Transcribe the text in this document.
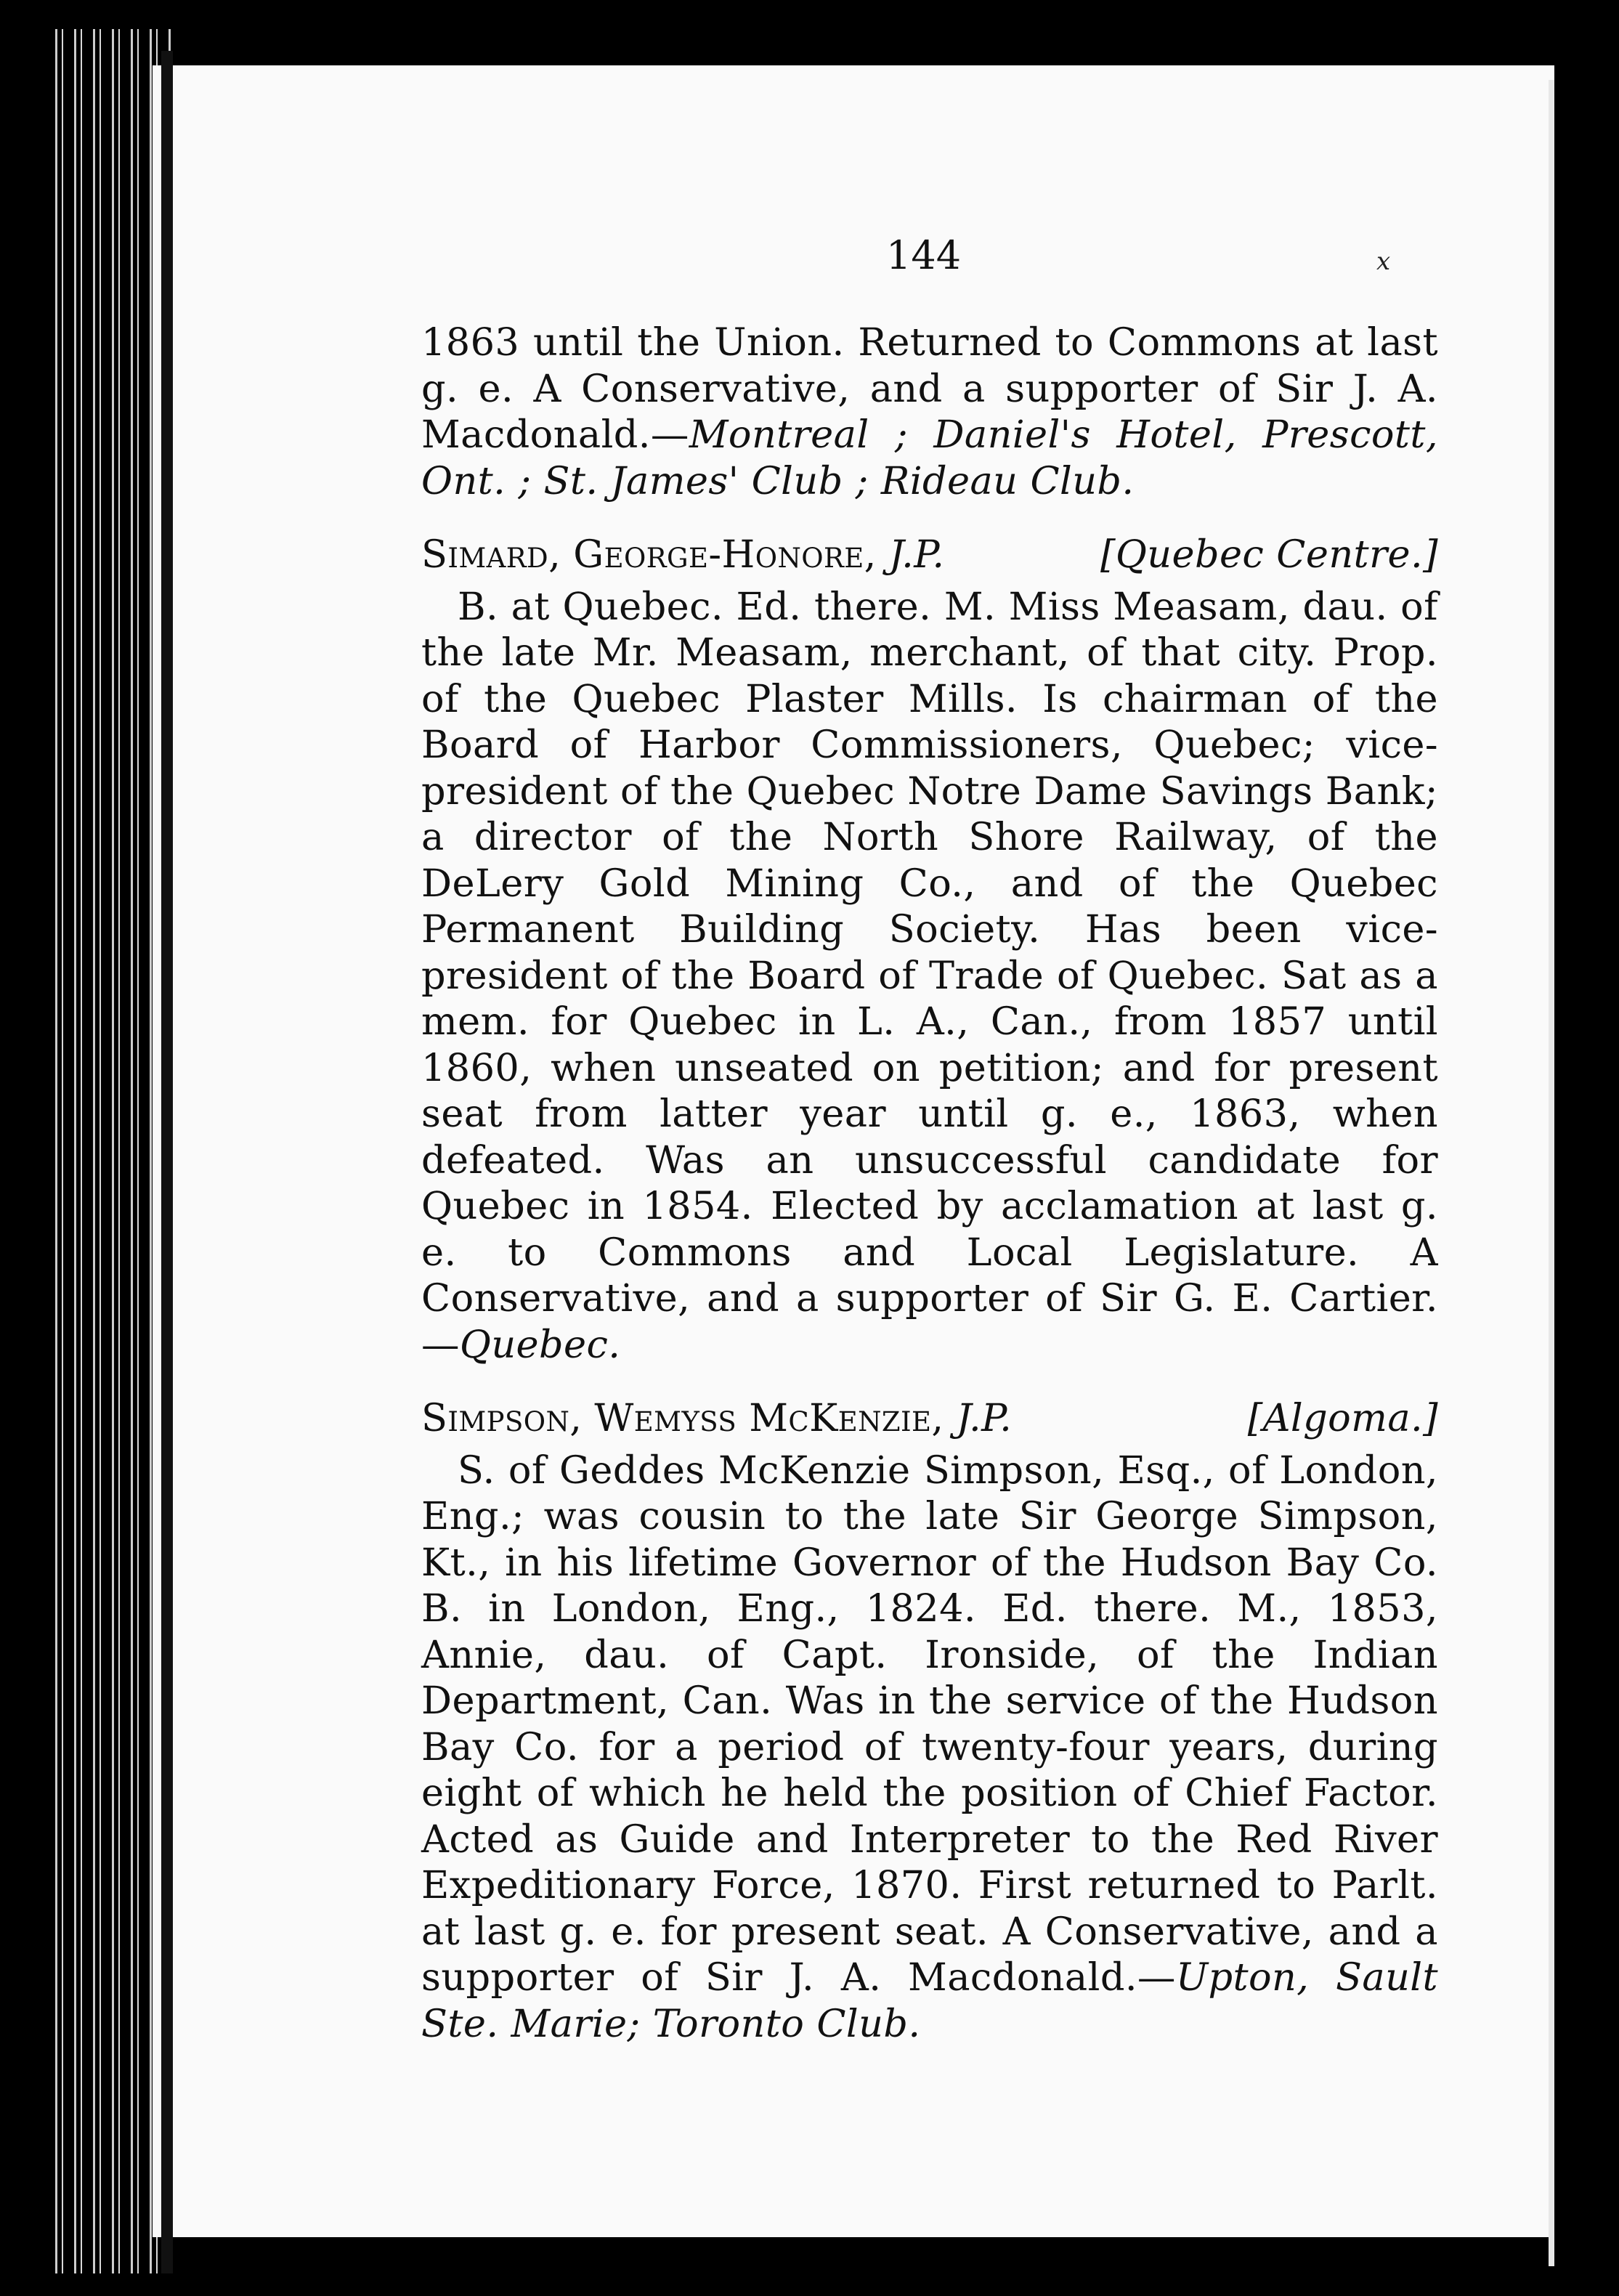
144	x

1863 until the Union. Returned to Commons at last g. e. A Conservative, and a supporter of Sir J. A. Macdonald.—Montreal ; Daniel's Hotel, Prescott, Ont. ; St. James' Club ; Rideau Club.

Simard, George-Honore, J.P.	[Quebec Centre.]

B. at Quebec. Ed. there. M. Miss Measam, dau. of the late Mr. Measam, merchant, of that city. Prop. of the Quebec Plaster Mills. Is chairman of the Board of Harbor Commissioners, Quebec; vice-president of the Quebec Notre Dame Savings Bank; a director of the North Shore Railway, of the DeLery Gold Mining Co., and of the Quebec Permanent Building Society. Has been vice-president of the Board of Trade of Quebec. Sat as a mem. for Quebec in L. A., Can., from 1857 until 1860, when unseated on petition; and for present seat from latter year until g. e., 1863, when defeated. Was an unsuccessful candidate for Quebec in 1854. Elected by acclamation at last g. e. to Commons and Local Legislature. A Conservative, and a supporter of Sir G. E. Cartier.—Quebec.

Simpson, Wemyss McKenzie, J.P.	[Algoma.]

S. of Geddes McKenzie Simpson, Esq., of London, Eng.; was cousin to the late Sir George Simpson, Kt., in his lifetime Governor of the Hudson Bay Co. B. in London, Eng., 1824. Ed. there. M., 1853, Annie, dau. of Capt. Ironside, of the Indian Department, Can. Was in the service of the Hudson Bay Co. for a period of twenty-four years, during eight of which he held the position of Chief Factor. Acted as Guide and Interpreter to the Red River Expeditionary Force, 1870. First returned to Parlt. at last g. e. for present seat. A Conservative, and a supporter of Sir J. A. Macdonald.—Upton, Sault Ste. Marie; Toronto Club.
